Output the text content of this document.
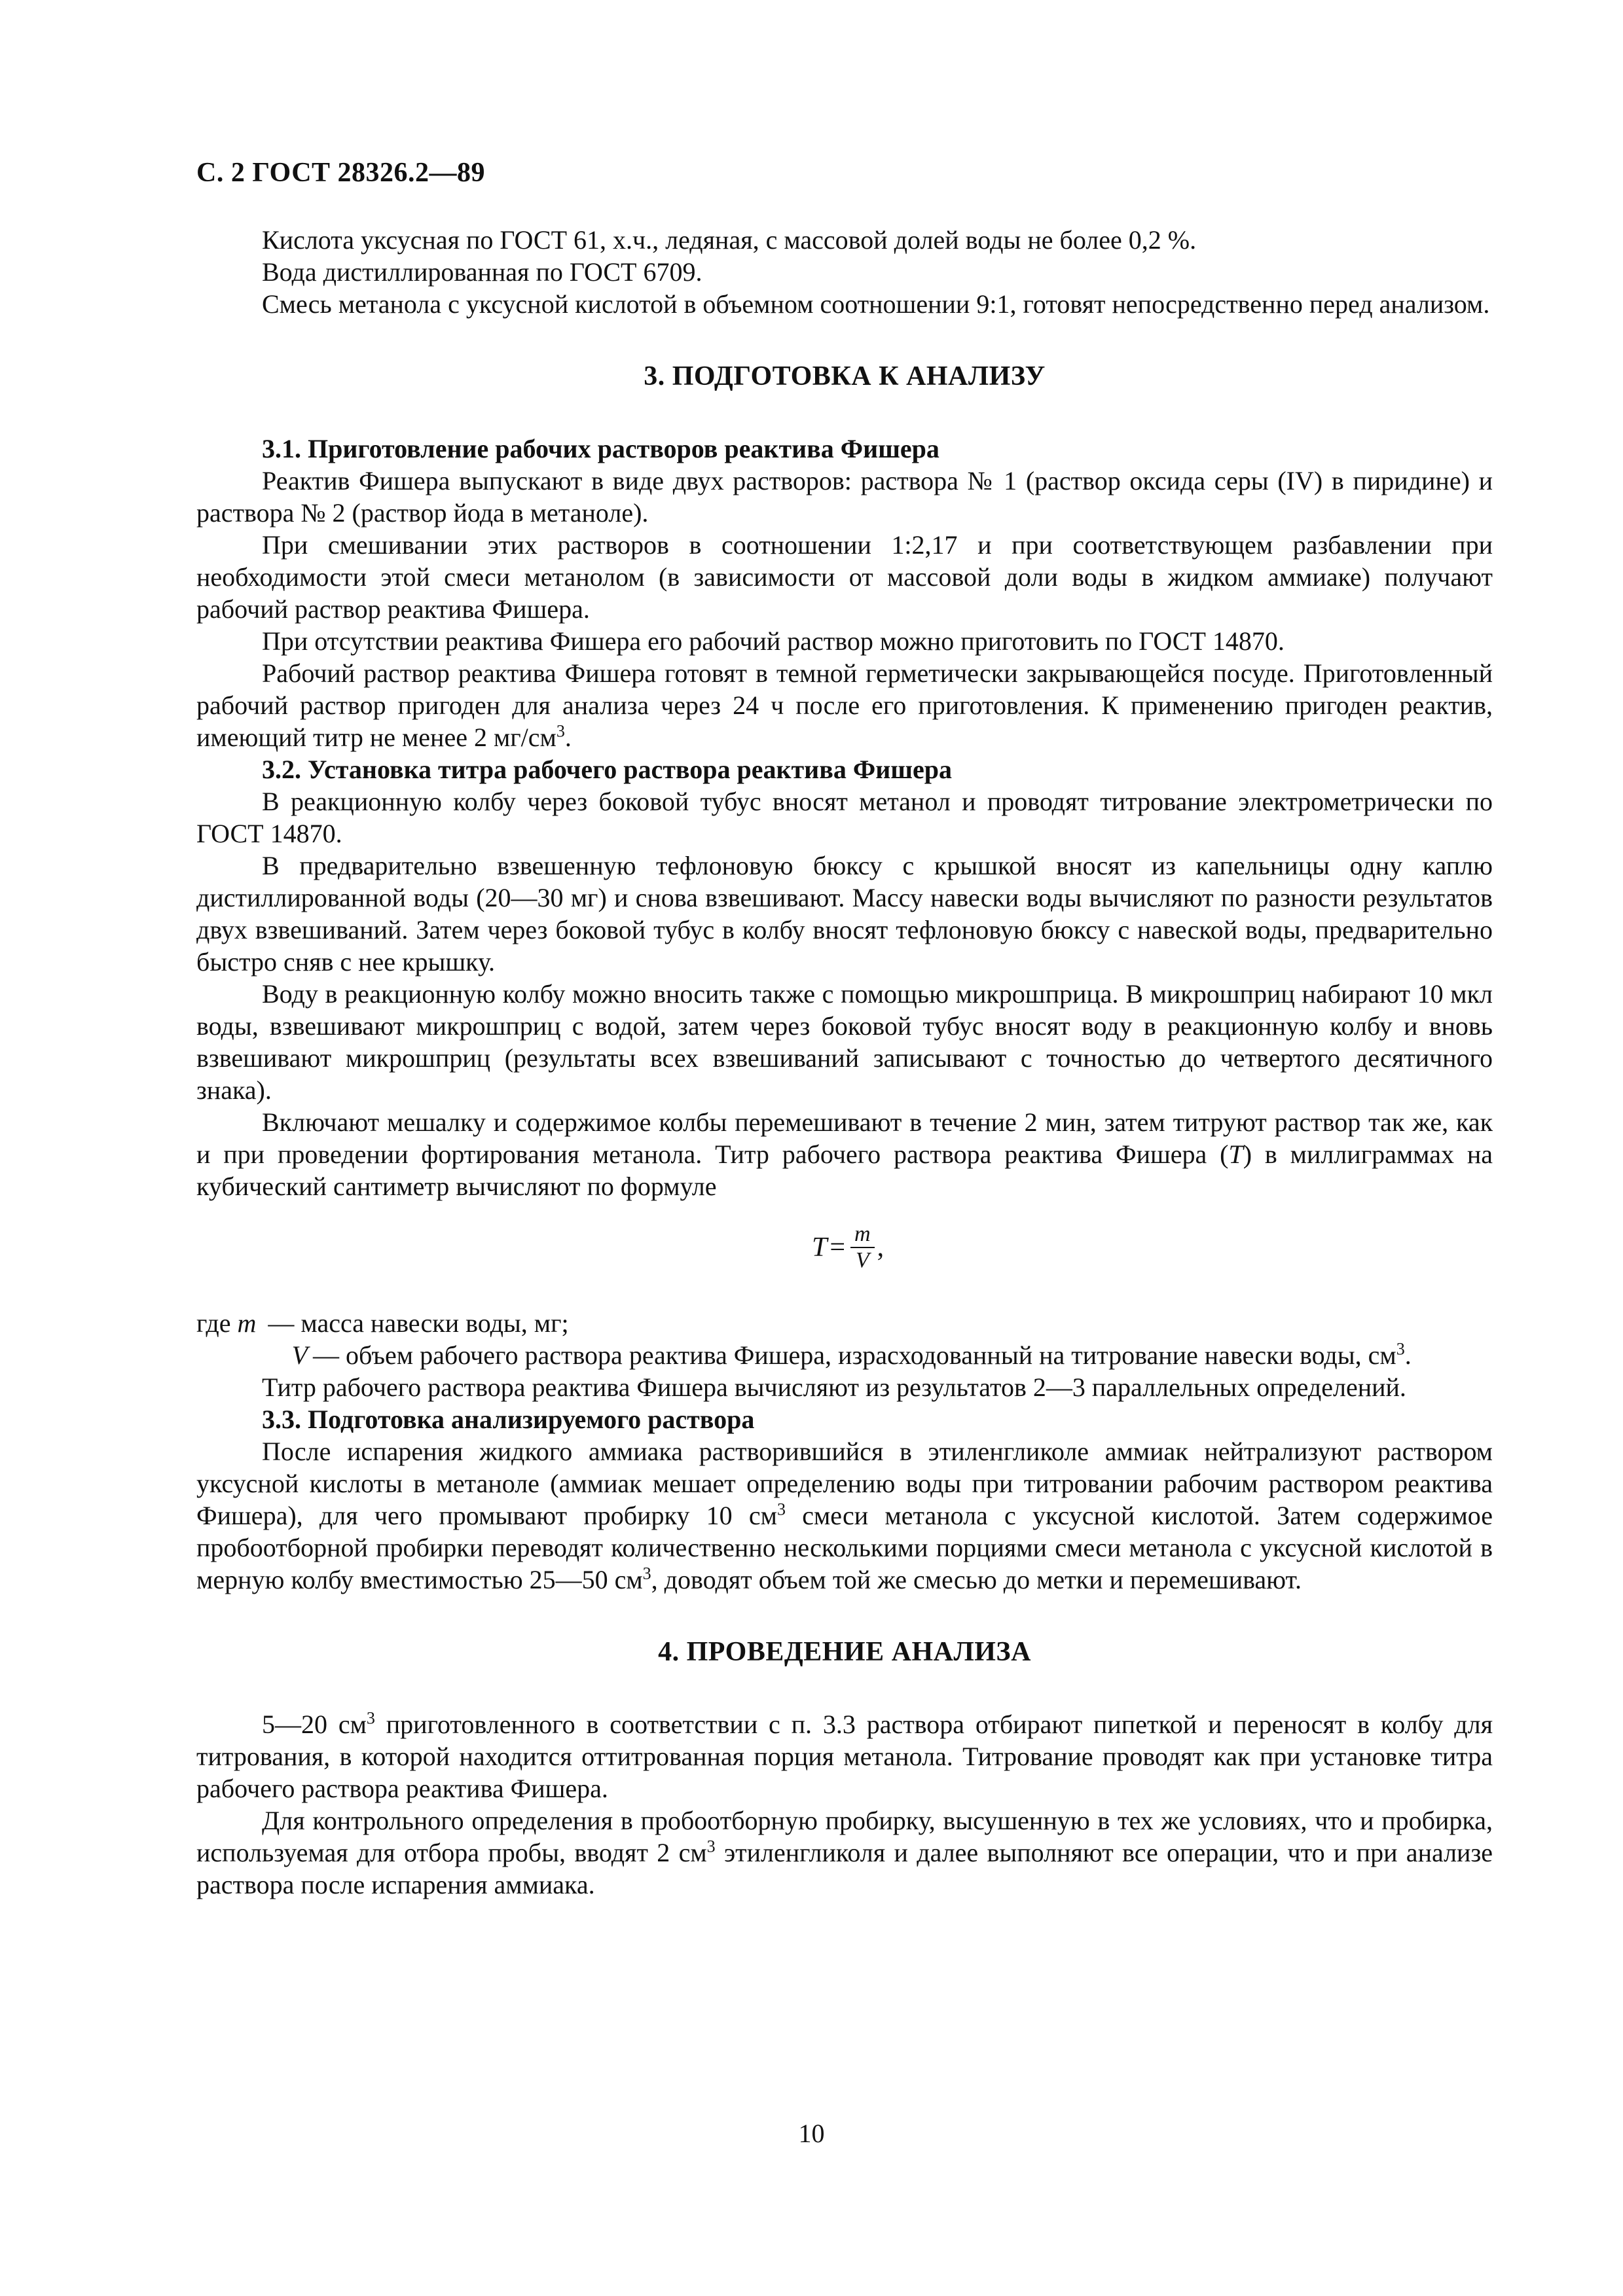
С. 2 ГОСТ 28326.2—89

Кислота уксусная по ГОСТ 61, х.ч., ледяная, с массовой долей воды не более 0,2 %.

Вода дистиллированная по ГОСТ 6709.

Смесь метанола с уксусной кислотой в объемном соотношении 9:1, готовят непосредственно перед анализом.

3. ПОДГОТОВКА К АНАЛИЗУ
3.1. Приготовление рабочих растворов реактива Фишера

Реактив Фишера выпускают в виде двух растворов: раствора № 1 (раствор оксида серы (IV) в пиридине) и раствора № 2 (раствор йода в метаноле).

При смешивании этих растворов в соотношении 1:2,17 и при соответствующем разбавлении при необходимости этой смеси метанолом (в зависимости от массовой доли воды в жидком аммиаке) получают рабочий раствор реактива Фишера.

При отсутствии реактива Фишера его рабочий раствор можно приготовить по ГОСТ 14870.

Рабочий раствор реактива Фишера готовят в темной герметически закрывающейся посуде. Приготовленный рабочий раствор пригоден для анализа через 24 ч после его приготовления. К применению пригоден реактив, имеющий титр не менее 2 $мг/см^3$.

3.2. Установка титра рабочего раствора реактива Фишера

В реакционную колбу через боковой тубус вносят метанол и проводят титрование электрометрически по ГОСТ 14870.

В предварительно взвешенную тефлоновую бюксу с крышкой вносят из капельницы одну каплю дистиллированной воды (20—30 мг) и снова взвешивают. Массу навески воды вычисляют по разности результатов двух взвешиваний. Затем через боковой тубус в колбу вносят тефлоновую бюксу с навеской воды, предварительно быстро сняв с нее крышку.

Воду в реакционную колбу можно вносить также с помощью микрошприца. В микрошприц набирают 10 мкл воды, взвешивают микрошприц с водой, затем через боковой тубус вносят воду в реакционную колбу и вновь взвешивают микрошприц (результаты всех взвешиваний записывают с точностью до четвертого десятичного знака).

Включают мешалку и содержимое колбы перемешивают в течение 2 мин, затем титруют раствор так же, как и при проведении фортирования метанола. Титр рабочего раствора реактива Фишера (T) в миллиграммах на кубический сантиметр вычисляют по формуле

$T = \frac{m}{V}$ ,
где m — масса навески воды, мг;
V — объем рабочего раствора реактива Фишера, израсходованный на титрование навески воды, $см^3$.

Титр рабочего раствора реактива Фишера вычисляют из результатов 2—3 параллельных определений.

3.3. Подготовка анализируемого раствора

После испарения жидкого аммиака растворившийся в этиленгликоле аммиак нейтрализуют раствором уксусной кислоты в метаноле (аммиак мешает определению воды при титровании рабочим раствором реактива Фишера), для чего промывают пробирку 10 $см^3$ смеси метанола с уксусной кислотой. Затем содержимое пробоотборной пробирки переводят количественно несколькими порциями смеси метанола с уксусной кислотой в мерную колбу вместимостью 25—50 $см^3$, доводят объем той же смесью до метки и перемешивают.

4. ПРОВЕДЕНИЕ АНАЛИЗА

5—20 $см^3$ приготовленного в соответствии с п. 3.3 раствора отбирают пипеткой и переносят в колбу для титрования, в которой находится оттитрованная порция метанола. Титрование проводят как при установке титра рабочего раствора реактива Фишера.

Для контрольного определения в пробоотборную пробирку, высушенную в тех же условиях, что и пробирка, используемая для отбора пробы, вводят 2 $см^3$ этиленгликоля и далее выполняют все операции, что и при анализе раствора после испарения аммиака.

10
